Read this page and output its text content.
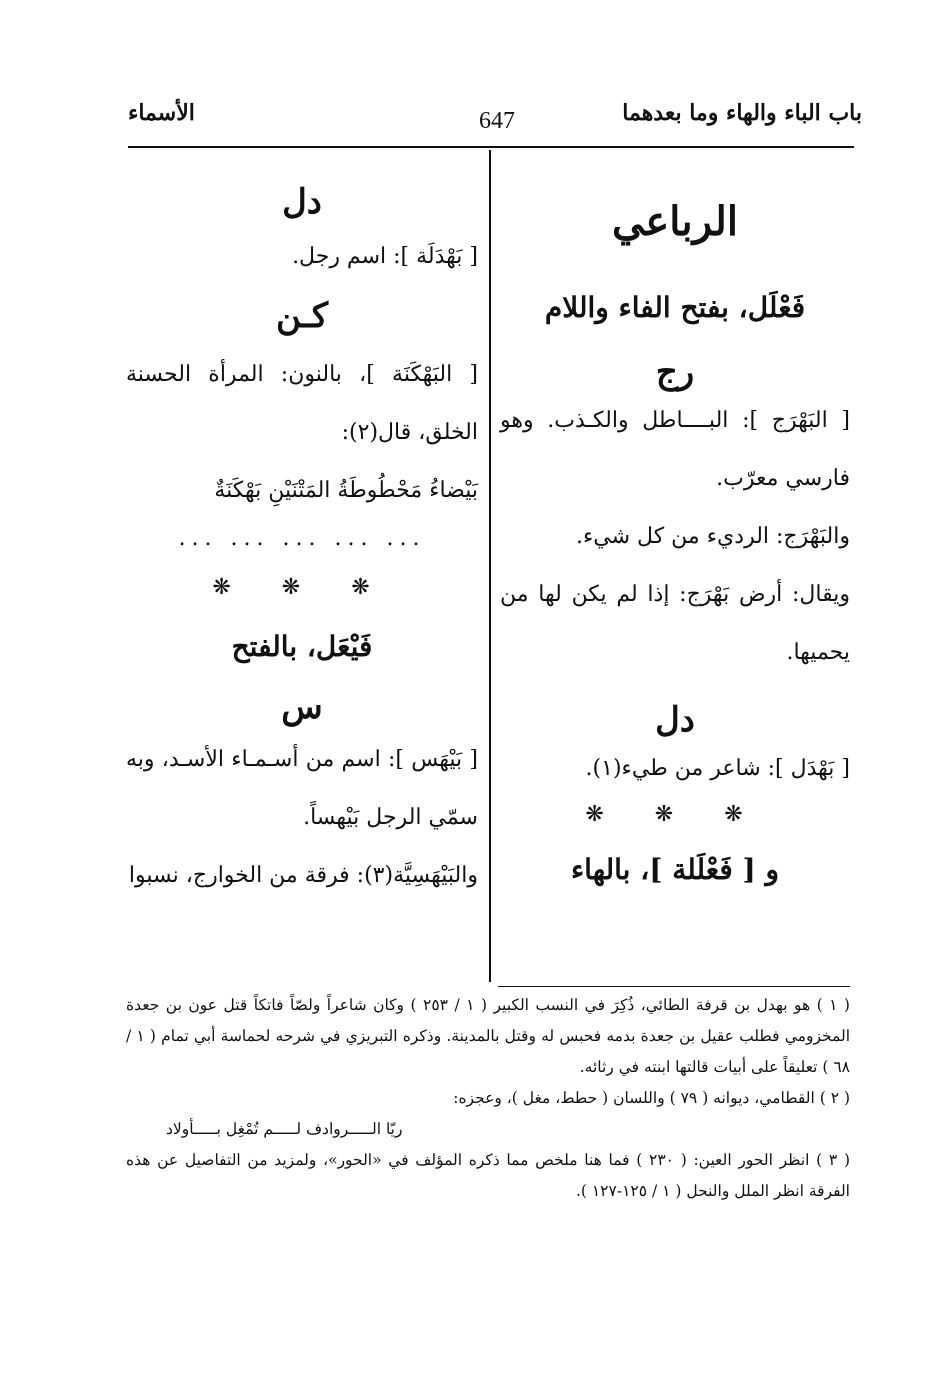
الأسماء	647	باب الباء والهاء وما بعدهما
الرباعي
فَعْلَل، بفتح الفاء واللام
رج
[ البَهْرَج ]: البــــاطل والكـذب. وهو فارسي معرّب.
والبَهْرَج: الرديء من كل شيء.
ويقال: أرض بَهْرَج: إذا لم يكن لها من يحميها.
دل
[ بَهْدَل ]: شاعر من طيء(١).
❋ ❋ ❋
و [ فَعْلَلة ]، بالهاء
دل
[ بَهْدَلَة ]: اسم رجل.
كـن
[ البَهْكَنَة ]، بالنون: المرأة الحسنة الخلق، قال(٢):
بَيْضاءُ مَحْطُوطَةُ المَتْنَيْنِ بَهْكَنَةٌ
... ... ... ... ...
❋ ❋ ❋
فَيْعَل، بالفتح
س
[ بَيْهَس ]: اسم من أسـمـاء الأسـد، وبه سمّي الرجل بَيْهساً.
والبَيْهَسِيَّة(٣): فرقة من الخوارج، نسبوا
( ١ ) هو بهدل بن قرفة الطائي، ذُكِرَ في النسب الكبير ( ١ / ٢٥٣ ) وكان شاعراً ولصّاً فاتكاً قتل عون بن جعدة المخزومي فطلب عقيل بن جعدة بدمه فحبس له وقتل بالمدينة. وذكره التبريزي في شرحه لحماسة أبي تمام ( ١ / ٦٨ ) تعليقاً على أبيات قالتها ابنته في رثائه.
( ٢ ) القطامي، ديوانه ( ٧٩ ) واللسان ( حطط، مغل )، وعجزه:
ريّا الـــــروادف لـــــم تُمْغِل بـــــأولاد
( ٣ ) انظر الحور العين: ( ٢٣٠ ) فما هنا ملخص مما ذكره المؤلف في «الحور»، ولمزيد من التفاصيل عن هذه الفرقة انظر الملل والنحل ( ١ / ١٢٥-١٢٧ ).
